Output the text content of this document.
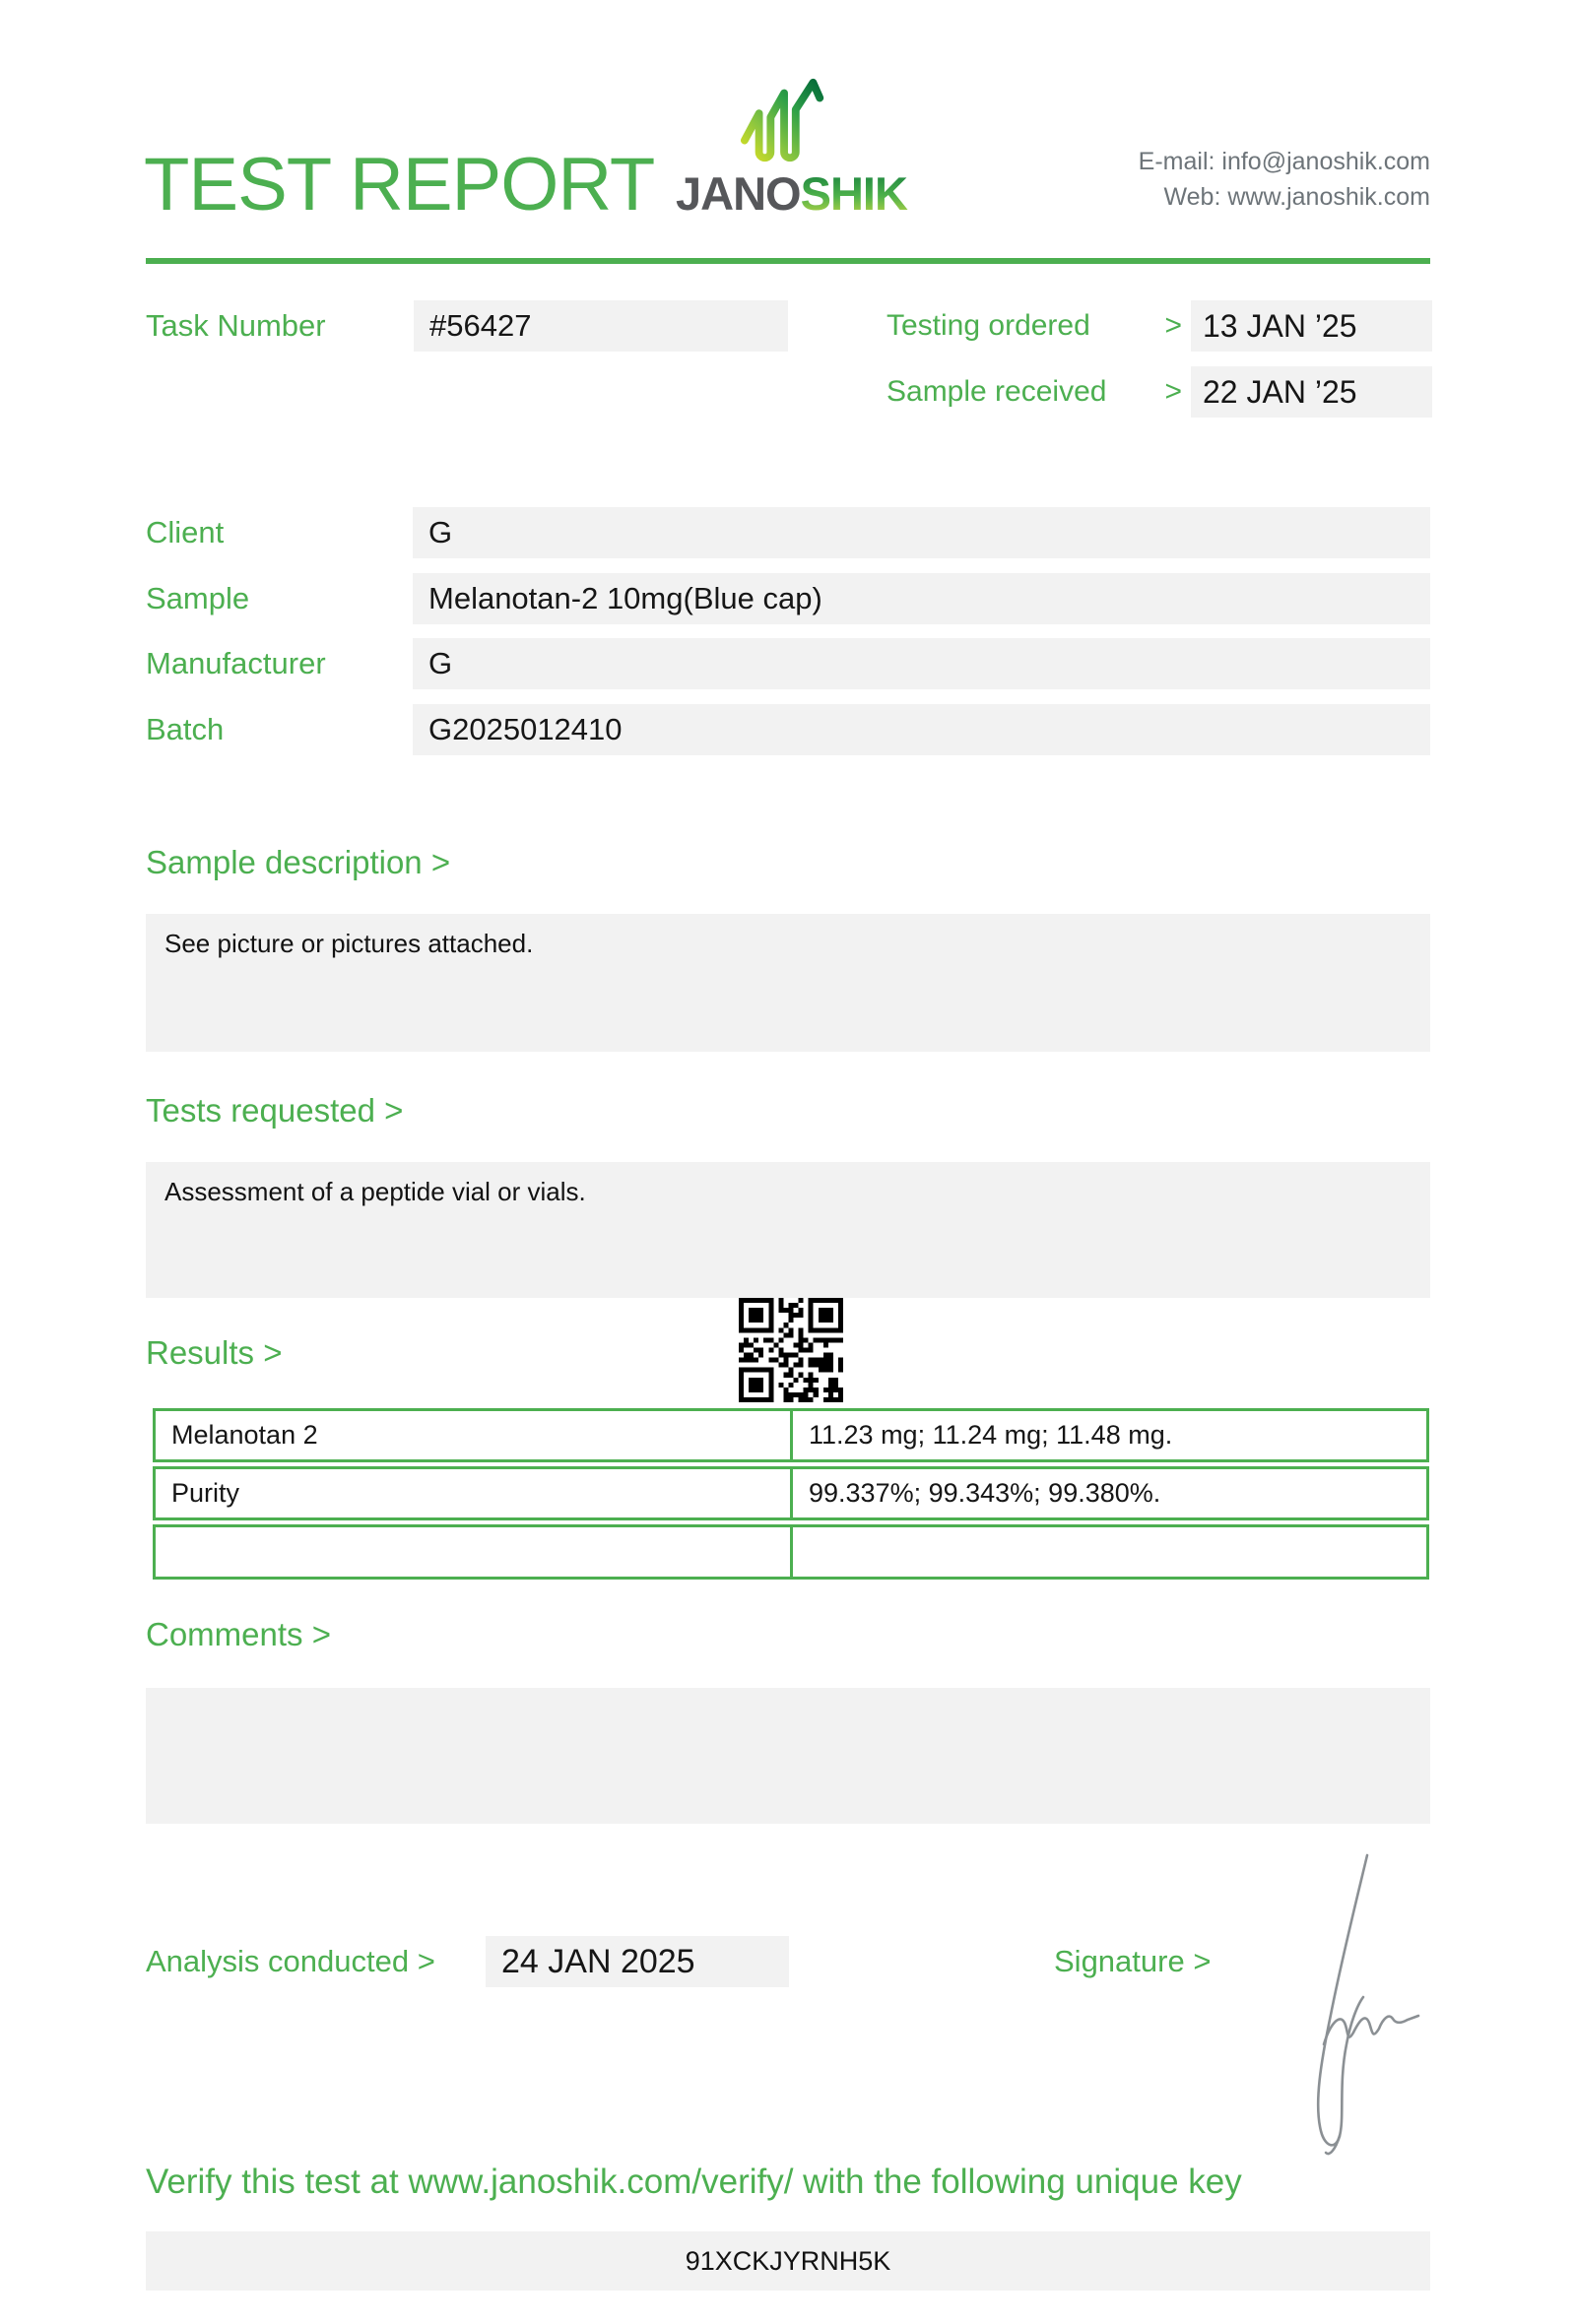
TEST REPORT JANOSHIK
E-mail: info@janoshik.com
Web: www.janoshik.com
Task Number	#56427	Testing ordered	> 13 JAN ’25
Sample received > 22 JAN ’25
Client	G
Sample	Melanotan-2 10mg(Blue cap)
Manufacturer	G
Batch	G2025012410
Sample description >
See picture or pictures attached.
Tests requested >
Assessment of a peptide vial or vials.
Results >
Melanotan 2	11.23 mg; 11.24 mg; 11.48 mg.
Purity	99.337%; 99.343%; 99.380%.
Comments >
Analysis conducted >	24 JAN 2025	Signature >
Verify this test at www.janoshik.com/verify/ with the following unique key
91XCKJYRNH5K
